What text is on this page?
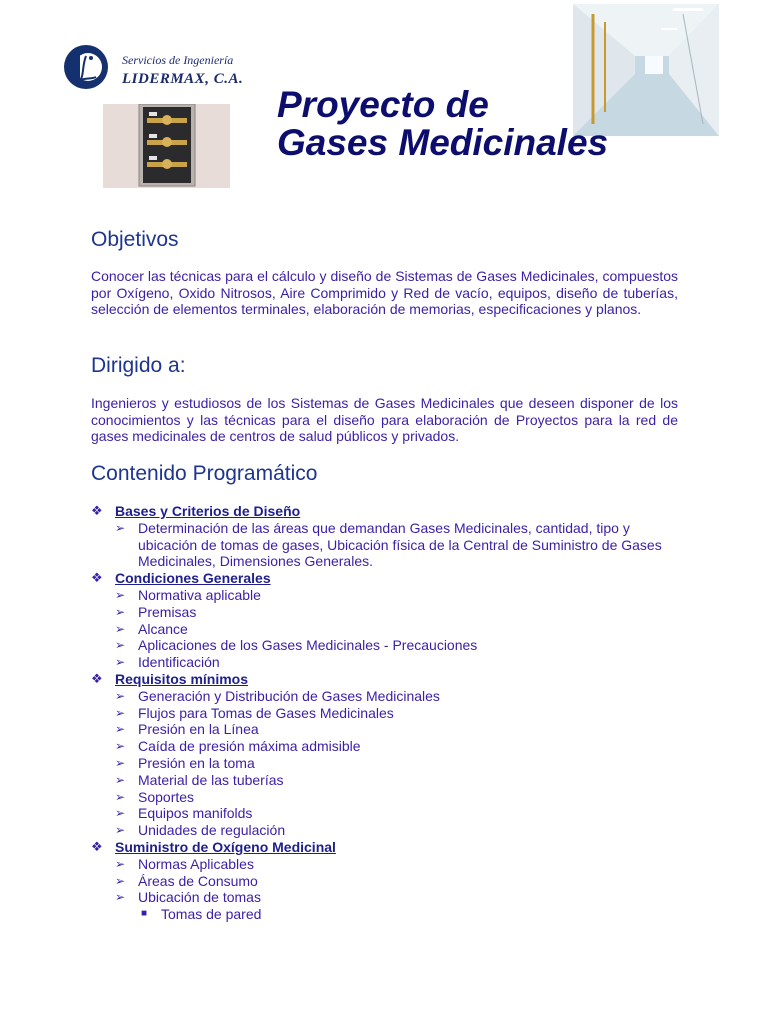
Servicios de Ingeniería
LIDERMAX, C.A.
Proyecto de
Gases Medicinales
Objetivos

Conocer las técnicas para el cálculo y diseño de Sistemas de Gases Medicinales, compuestos por Oxígeno, Oxido Nitrosos, Aire Comprimido y Red de vacío, equipos, diseño de tuberías, selección de elementos terminales, elaboración de memorias, especificaciones y planos.

Dirigido a:

Ingenieros y estudiosos de los Sistemas de Gases Medicinales que deseen disponer de los conocimientos y las técnicas para el diseño para elaboración de Proyectos para la red de gases medicinales de centros de salud públicos y privados.

Contenido Programático
❖ Bases y Criterios de Diseño
➢ Determinación de las áreas que demandan Gases Medicinales, cantidad, tipo y ubicación de tomas de gases, Ubicación física de la Central de Suministro de Gases Medicinales, Dimensiones Generales.
❖ Condiciones Generales
➢ Normativa aplicable
➢ Premisas
➢ Alcance
➢ Aplicaciones de los Gases Medicinales - Precauciones
➢ Identificación
❖ Requisitos mínimos
➢ Generación y Distribución de Gases Medicinales
➢ Flujos para Tomas de Gases Medicinales
➢ Presión en la Línea
➢ Caída de presión máxima admisible
➢ Presión en la toma
➢ Material de las tuberías
➢ Soportes
➢ Equipos manifolds
➢ Unidades de regulación
❖ Suministro de Oxígeno Medicinal
➢ Normas Aplicables
➢ Áreas de Consumo
➢ Ubicación de tomas
■ Tomas de pared
